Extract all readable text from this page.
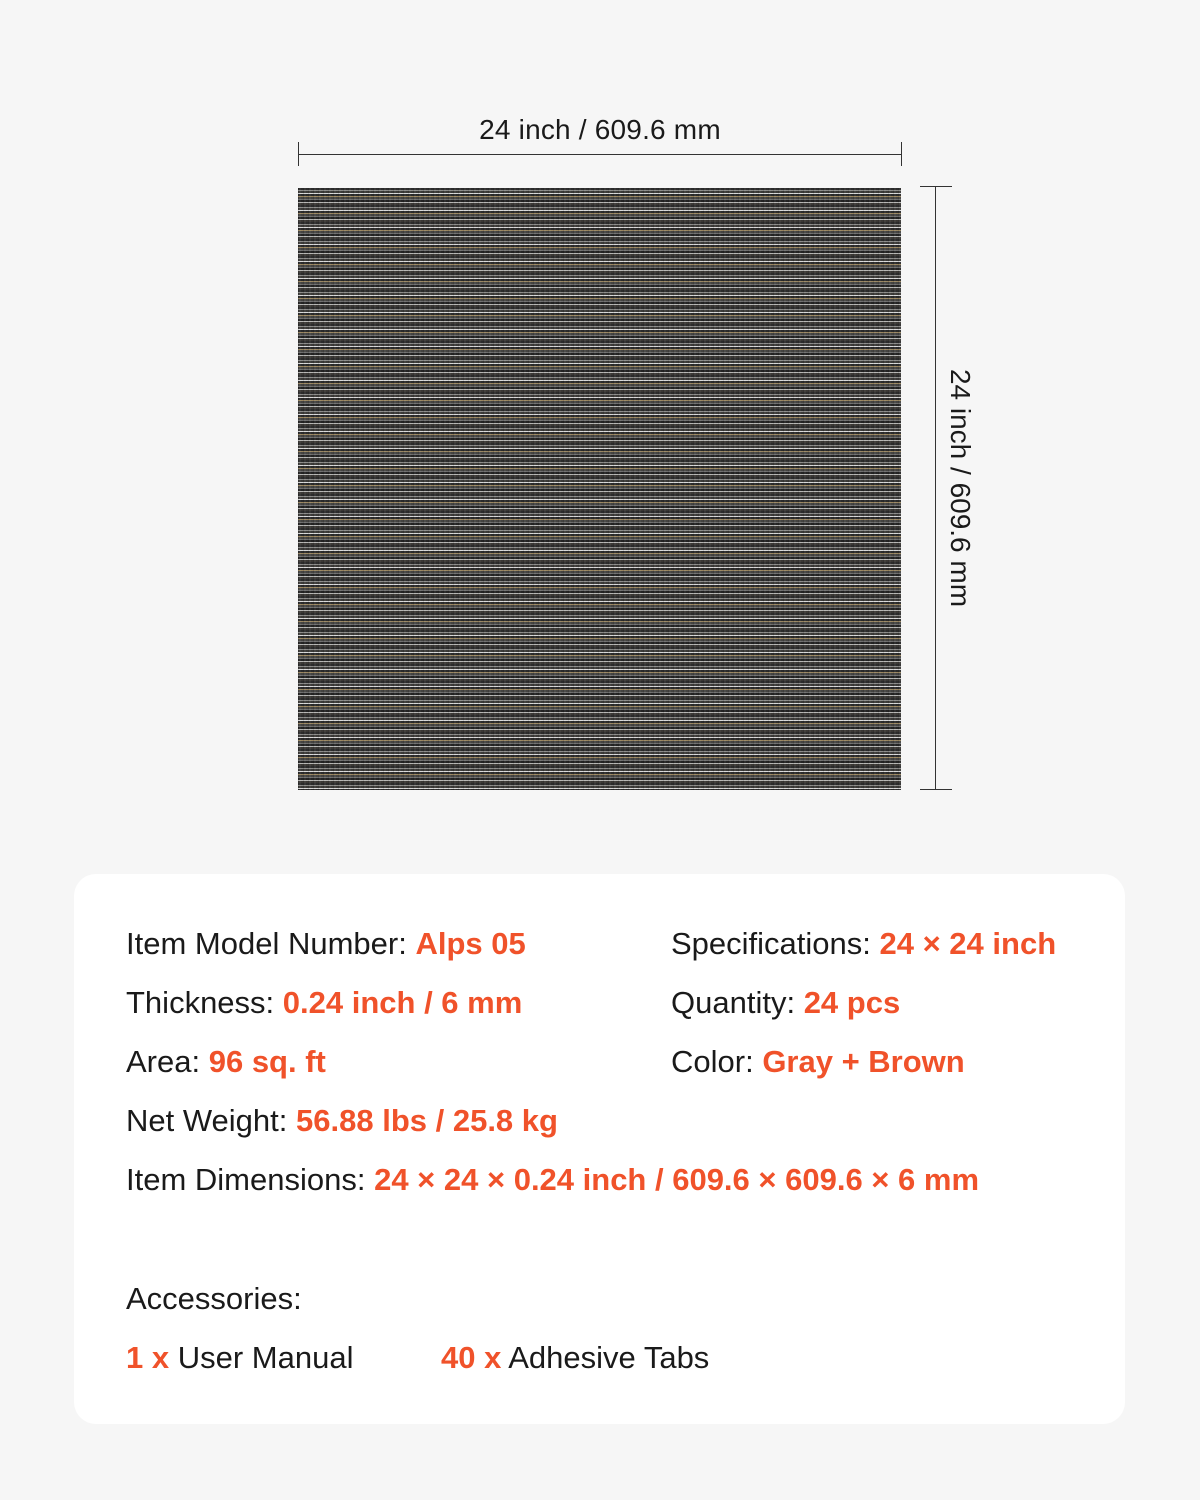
24 inch / 609.6 mm
24 inch / 609.6 mm
Item Model Number: Alps 05
Thickness: 0.24 inch / 6 mm
Area: 96 sq. ft
Net Weight: 56.88 lbs / 25.8 kg
Item Dimensions: 24 × 24 × 0.24 inch / 609.6 × 609.6 × 6 mm
Specifications: 24 × 24 inch
Quantity: 24 pcs
Color: Gray + Brown
Accessories:
1 x User Manual	40 x Adhesive Tabs
